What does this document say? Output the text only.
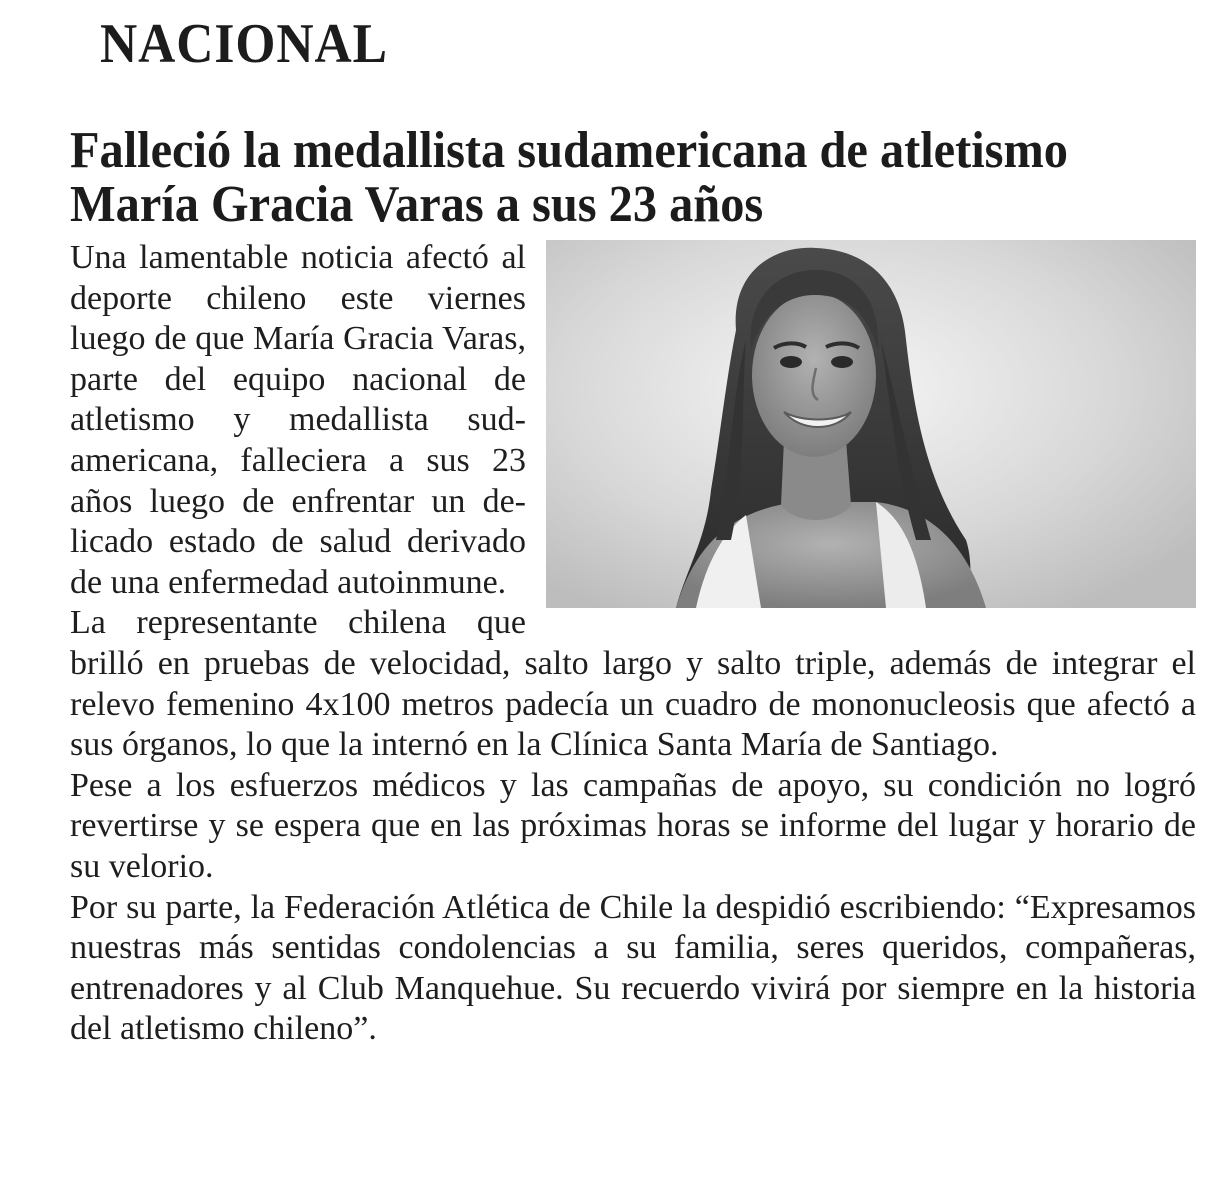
NACIONAL
Falleció la medallista sudamericana de atletismo María Gracia Varas a sus 23 años

Una lamentable noticia afectó al deporte chileno este viernes luego de que María Gracia Varas, parte del equipo nacional de atletismo y medallista sudamericana, falleciera a sus 23 años luego de enfrentar un delicado estado de salud derivado de una enfermedad autoinmune.

La representante chilena que brilló en pruebas de velocidad, salto largo y salto triple, además de integrar el relevo femenino 4x100 metros padecía un cuadro de mononucleosis que afectó a sus órganos, lo que la internó en la Clínica Santa María de Santiago.

Pese a los esfuerzos médicos y las campañas de apoyo, su condición no logró revertirse y se espera que en las próximas horas se informe del lugar y horario de su velorio.

Por su parte, la Federación Atlética de Chile la despidió escribiendo: “Expresamos nuestras más sentidas condolencias a su familia, seres queridos, compañeras, entrenadores y al Club Manquehue. Su recuerdo vivirá por siempre en la historia del atletismo chileno”.
